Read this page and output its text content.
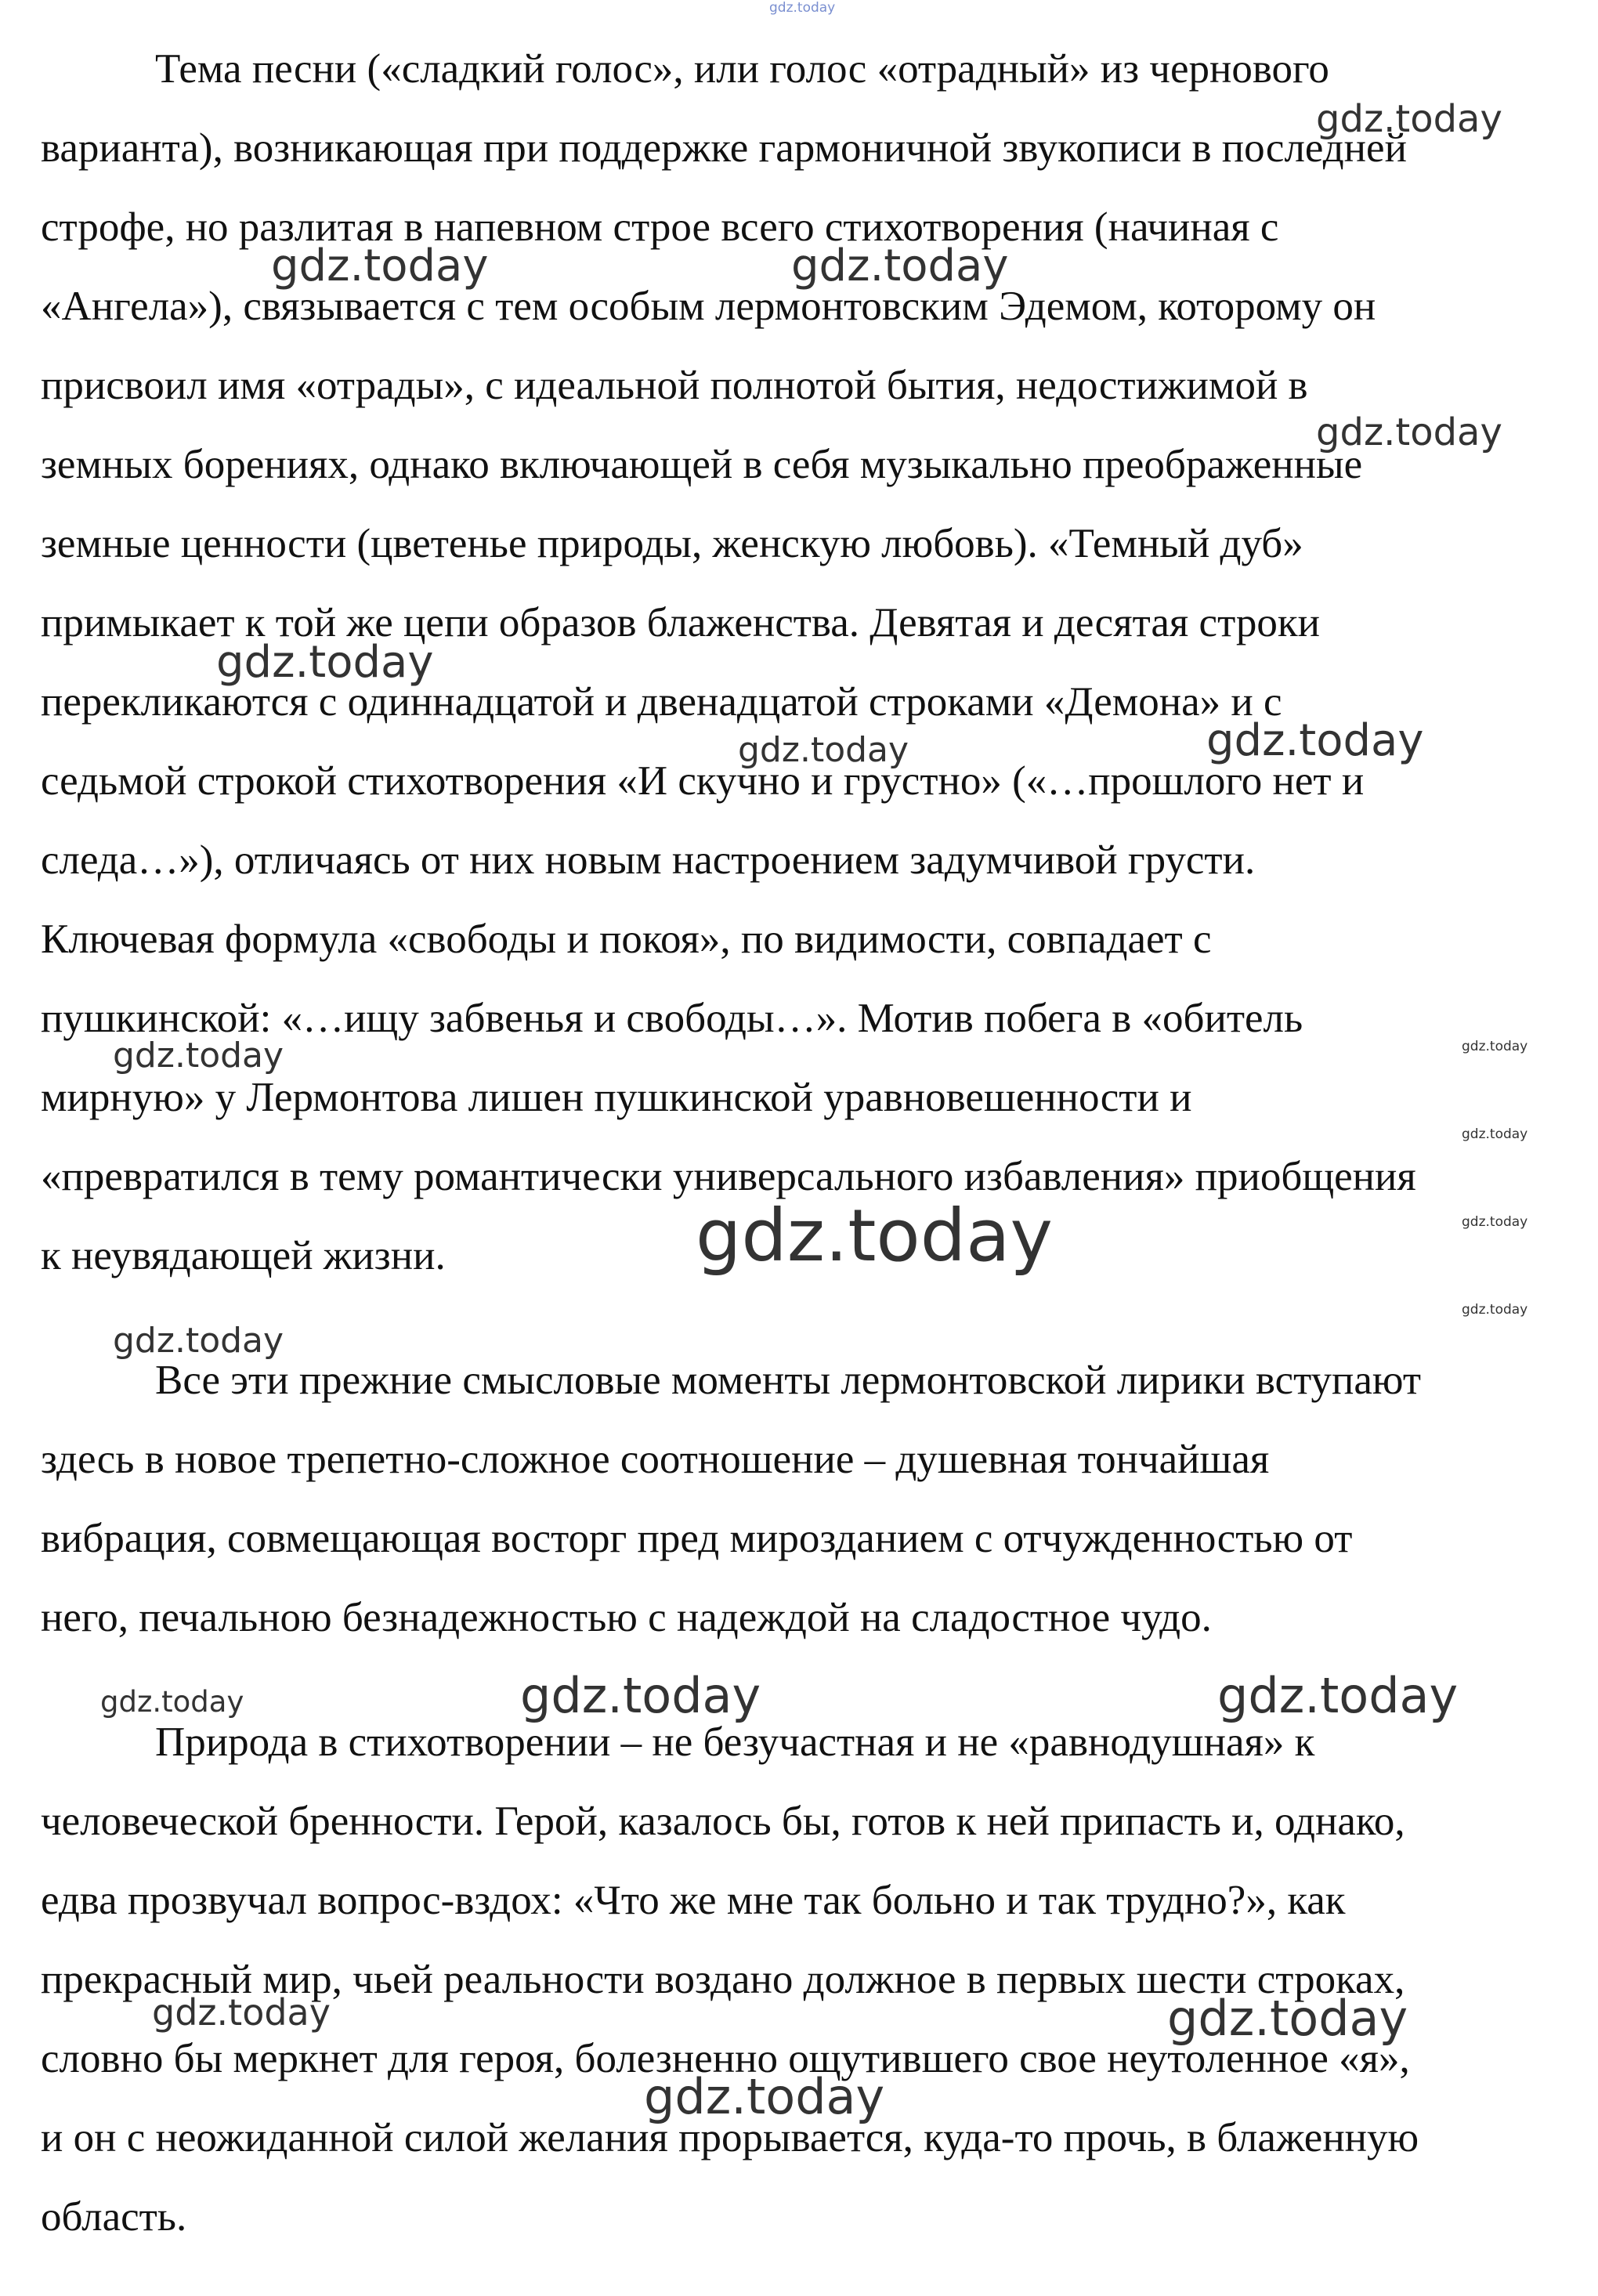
Тема песни («сладкий голос», или голос «отрадный» из чернового
варианта), возникающая при поддержке гармоничной звукописи в последней
строфе, но разлитая в напевном строе всего стихотворения (начиная с
«Ангела»), связывается с тем особым лермонтовским Эдемом, которому он
присвоил имя «отрады», с идеальной полнотой бытия, недостижимой в
земных борениях, однако включающей в себя музыкально преображенные
земные ценности (цветенье природы, женскую любовь). «Темный дуб»
примыкает к той же цепи образов блаженства. Девятая и десятая строки
перекликаются с одиннадцатой и двенадцатой строками «Демона» и с
седьмой строкой стихотворения «И скучно и грустно» («…прошлого нет и
следа…»), отличаясь от них новым настроением задумчивой грусти.
Ключевая формула «свободы и покоя», по видимости, совпадает с
пушкинской: «…ищу забвенья и свободы…». Мотив побега в «обитель
мирную» у Лермонтова лишен пушкинской уравновешенности и
«превратился в тему романтически универсального избавления» приобщения
к неувядающей жизни.
Все эти прежние смысловые моменты лермонтовской лирики вступают
здесь в новое трепетно-сложное соотношение – душевная тончайшая
вибрация, совмещающая восторг пред мирозданием с отчужденностью от
него, печальною безнадежностью с надеждой на сладостное чудо.
Природа в стихотворении – не безучастная и не «равнодушная» к
человеческой бренности. Герой, казалось бы, готов к ней припасть и, однако,
едва прозвучал вопрос-вздох: «Что же мне так больно и так трудно?», как
прекрасный мир, чьей реальности воздано должное в первых шести строках,
словно бы меркнет для героя, болезненно ощутившего свое неутоленное «я»,
и он с неожиданной силой желания прорывается, куда-то прочь, в блаженную
область.
gdz.today
gdz.today
gdz.today	gdz.today
gdz.today
gdz.today
gdz.today	gdz.today
gdz.today	gdz.today
gdz.today
gdz.today
gdz.today
gdz.today
gdz.today
gdz.today	gdz.today	gdz.today
gdz.today	gdz.today
gdz.today
